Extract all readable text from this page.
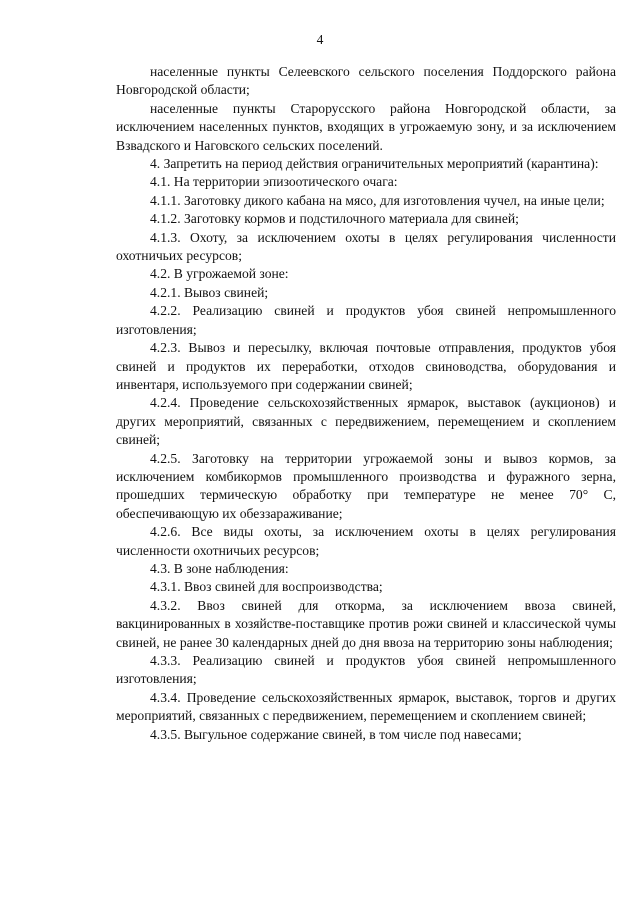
4

населенные пункты Селеевского сельского поселения Поддорского района Новгородской области;

населенные пункты Старорусского района Новгородской области, за исключением населенных пунктов, входящих в угрожаемую зону, и за исключением Взвадского и Наговского сельских поселений.

4. Запретить на период действия ограничительных мероприятий (карантина):

4.1. На территории эпизоотического очага:

4.1.1. Заготовку дикого кабана на мясо, для изготовления чучел, на иные цели;

4.1.2. Заготовку кормов и подстилочного материала для свиней;

4.1.3. Охоту, за исключением охоты в целях регулирования численности охотничьих ресурсов;

4.2. В угрожаемой зоне:

4.2.1. Вывоз свиней;

4.2.2. Реализацию свиней и продуктов убоя свиней непромышленного изготовления;

4.2.3. Вывоз и пересылку, включая почтовые отправления, продуктов убоя свиней и продуктов их переработки, отходов свиноводства, оборудования и инвентаря, используемого при содержании свиней;

4.2.4. Проведение сельскохозяйственных ярмарок, выставок (аукционов) и других мероприятий, связанных с передвижением, перемещением и скоплением свиней;

4.2.5. Заготовку на территории угрожаемой зоны и вывоз кормов, за исключением комбикормов промышленного производства и фуражного зерна, прошедших термическую обработку при температуре не менее 70° С, обеспечивающую их обеззараживание;

4.2.6. Все виды охоты, за исключением охоты в целях регулирования численности охотничьих ресурсов;

4.3. В зоне наблюдения:

4.3.1. Ввоз свиней для воспроизводства;

4.3.2. Ввоз свиней для откорма, за исключением ввоза свиней, вакцинированных в хозяйстве-поставщике против рожи свиней и классической чумы свиней, не ранее 30 календарных дней до дня ввоза на территорию зоны наблюдения;

4.3.3. Реализацию свиней и продуктов убоя свиней непромышленного изготовления;

4.3.4. Проведение сельскохозяйственных ярмарок, выставок, торгов и других мероприятий, связанных с передвижением, перемещением и скоплением свиней;

4.3.5. Выгульное содержание свиней, в том числе под навесами;
